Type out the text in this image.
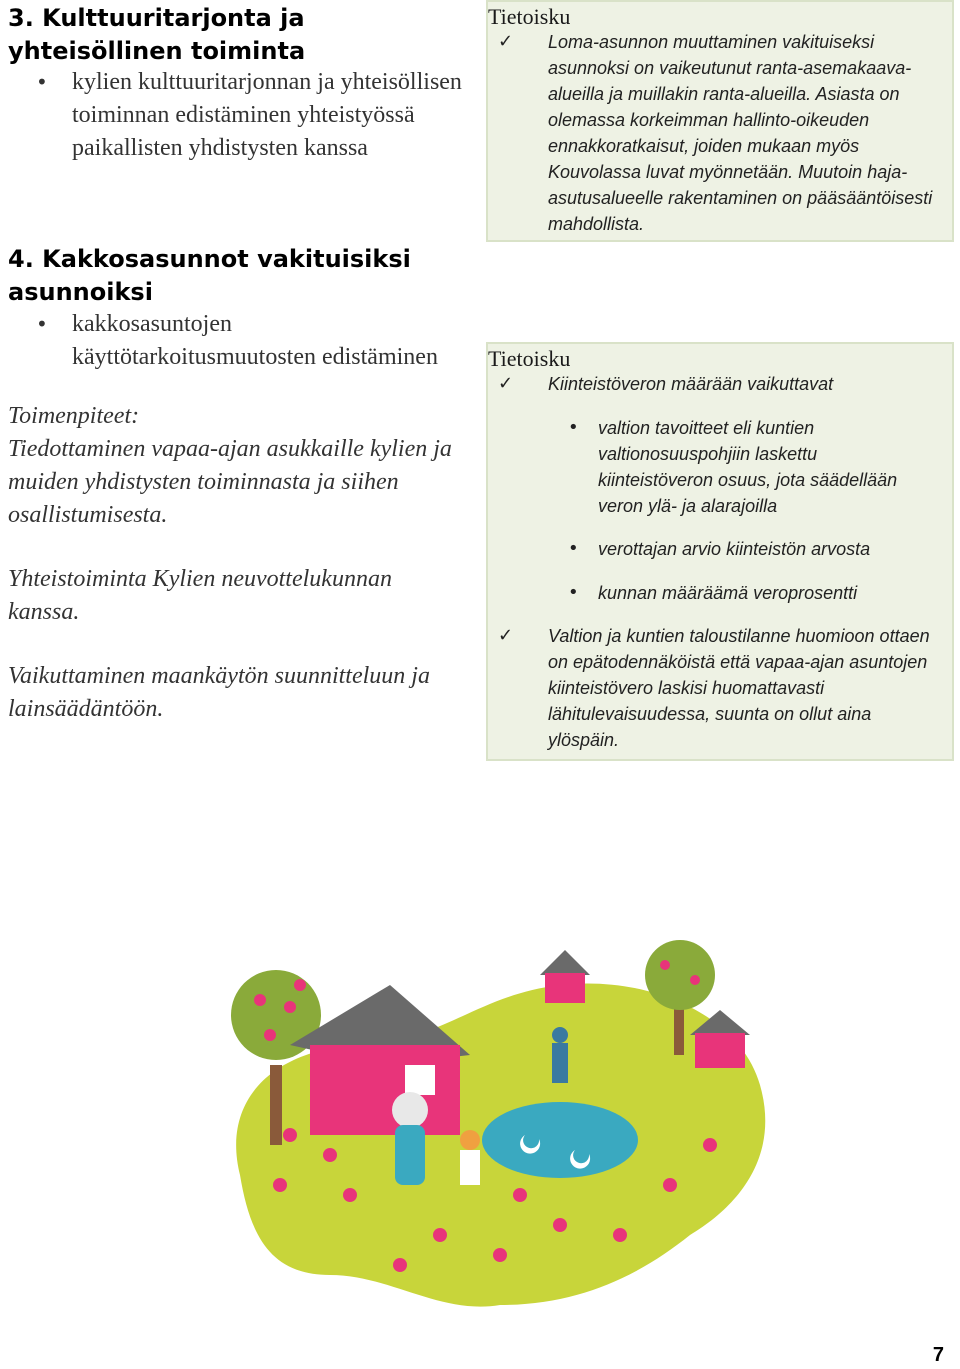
3. Kulttuuritarjonta ja yhteisöllinen toiminta
•	kylien kulttuuritarjonnan ja yhteisöllisen toiminnan edistäminen yhteistyössä paikallisten yhdistysten kanssa
4. Kakkosasunnot vakituisiksi asunnoiksi
•	kakkosasuntojen käyttötarkoitusmuutosten edistäminen
Toimenpiteet:
Tiedottaminen vapaa-ajan asukkaille kylien ja muiden yhdistysten toiminnasta ja siihen osallistumisesta.
Yhteistoiminta Kylien neuvottelukunnan kanssa.
Vaikuttaminen maankäytön suunnitteluun ja lainsäädäntöön.
Tietoisku
✓	Loma-asunnon muuttaminen vakituiseksi asunnoksi on vaikeutunut ranta-asemakaava-alueilla ja muillakin ranta-alueilla. Asiasta on olemassa korkeimman hallinto-oikeuden ennakkoratkaisut, joiden mukaan myös Kouvolassa luvat myönnetään. Muutoin haja-asutusalueelle rakentaminen on pääsääntöisesti mahdollista.
Tietoisku
✓	Kiinteistöveron määrään vaikuttavat
•	valtion tavoitteet eli kuntien valtionosuuspohjiin laskettu kiinteistöveron osuus, jota säädellään veron ylä- ja alarajoilla
•	verottajan arvio kiinteistön arvosta
•	kunnan määräämä veroprosentti
✓	Valtion ja kuntien taloustilanne huomioon ottaen on epätodennäköistä että vapaa-ajan asuntojen kiinteistövero laskisi huomattavasti lähitulevaisuudessa, suunta on ollut aina ylöspäin.
7
